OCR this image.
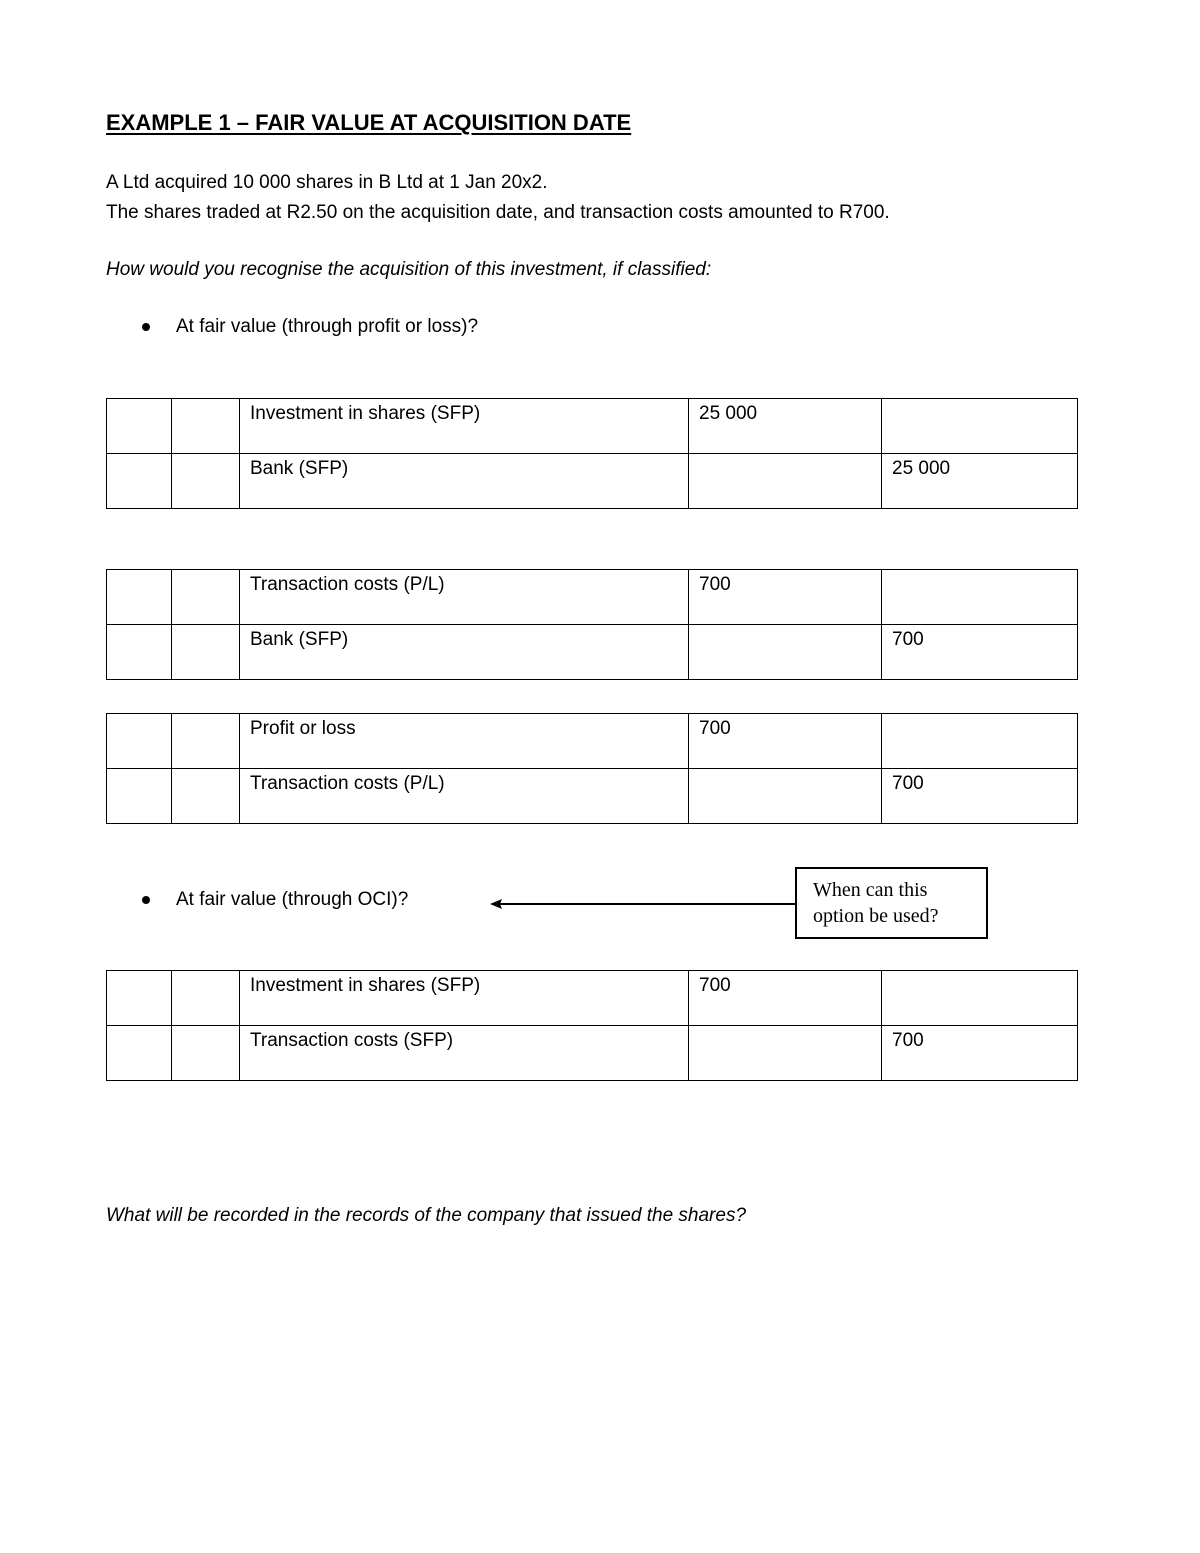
EXAMPLE 1 – FAIR VALUE AT ACQUISITION DATE
A Ltd acquired 10 000 shares in B Ltd at 1 Jan 20x2.
The shares traded at R2.50 on the acquisition date, and transaction costs amounted to R700.
How would you recognise the acquisition of this investment, if classified:
At fair value (through profit or loss)?
		Investment in shares (SFP)	25 000	
		Bank (SFP)		25 000
		Transaction costs (P/L)	700	
		Bank (SFP)		700
		Profit or loss	700	
		Transaction costs (P/L)		700
At fair value (through OCI)?	When can this
option be used?
		Investment in shares (SFP)	700	
		Transaction costs (SFP)		700
What will be recorded in the records of the company that issued the shares?
